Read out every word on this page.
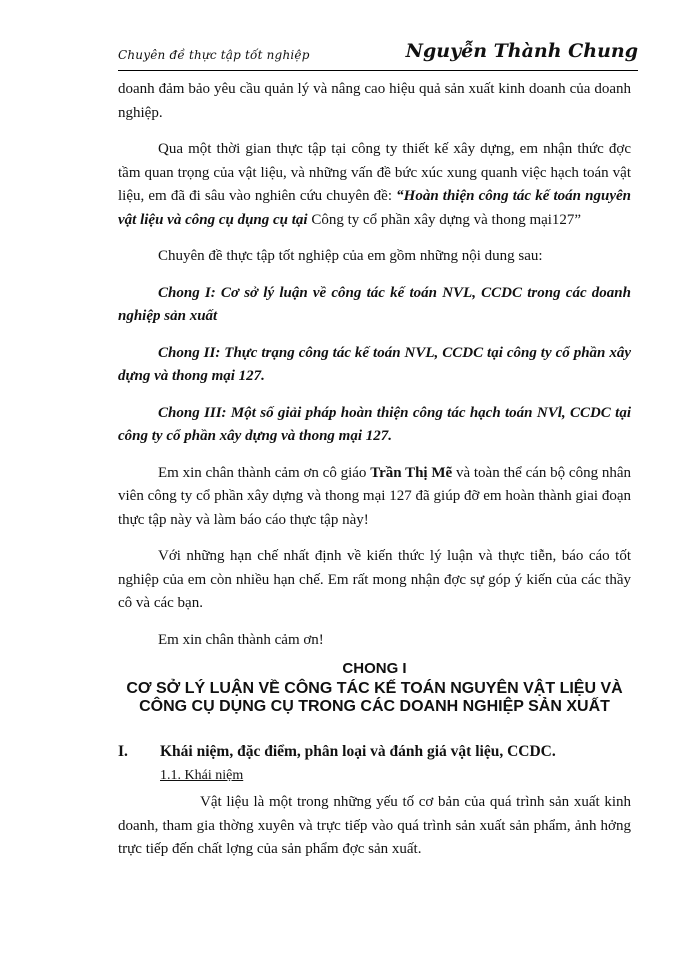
Chuyên đề thực tập tốt nghiệp	Nguyễn Thành Chung

doanh đảm bảo yêu cầu quản lý và nâng cao hiệu quả sản xuất kinh doanh của doanh nghiệp.

Qua một thời gian thực tập tại công ty thiết kế xây dựng, em nhận thức đợc tầm quan trọng của vật liệu, và những vấn đề bức xúc xung quanh việc hạch toán vật liệu, em đã đi sâu vào nghiên cứu chuyên đề: “Hoàn thiện công tác kế toán nguyên vật liệu và công cụ dụng cụ tại Công ty cổ phần xây dựng và thong mại127”

Chuyên đề thực tập tốt nghiệp của em gồm những nội dung sau:

Chong I: Cơ sở lý luận về công tác kế toán NVL, CCDC trong các doanh nghiệp sản xuất

Chong II: Thực trạng công tác kế toán NVL, CCDC tại công ty cổ phần xây dựng và thong mại 127.

Chong III: Một số giải pháp hoàn thiện công tác hạch toán NVl, CCDC tại công ty cổ phần xây dựng và thong mại 127.

Em xin chân thành cảm ơn cô giáo Trần Thị Mẽ và toàn thể cán bộ công nhân viên công ty cổ phần xây dựng và thong mại 127 đã giúp đỡ em hoàn thành giai đoạn thực tập này và làm báo cáo thực tập này!

Với những hạn chế nhất định về kiến thức lý luận và thực tiễn, báo cáo tốt nghiệp của em còn nhiều hạn chế. Em rất mong nhận đợc sự góp ý kiến của các thầy cô và các bạn.

Em xin chân thành cảm ơn!

CHONG I
CƠ SỞ LÝ LUẬN VỀ CÔNG TÁC KẾ TOÁN NGUYÊN VẬT LIỆU VÀ CÔNG CỤ DỤNG CỤ TRONG CÁC DOANH NGHIỆP SẢN XUẤT
I. Khái niệm, đặc điểm, phân loại và đánh giá vật liệu, CCDC.
1.1. Khái niệm

Vật liệu là một trong những yếu tố cơ bản của quá trình sản xuất kinh doanh, tham gia thờng xuyên và trực tiếp vào quá trình sản xuất sản phẩm, ảnh hởng trực tiếp đến chất lợng của sản phẩm đợc sản xuất.
